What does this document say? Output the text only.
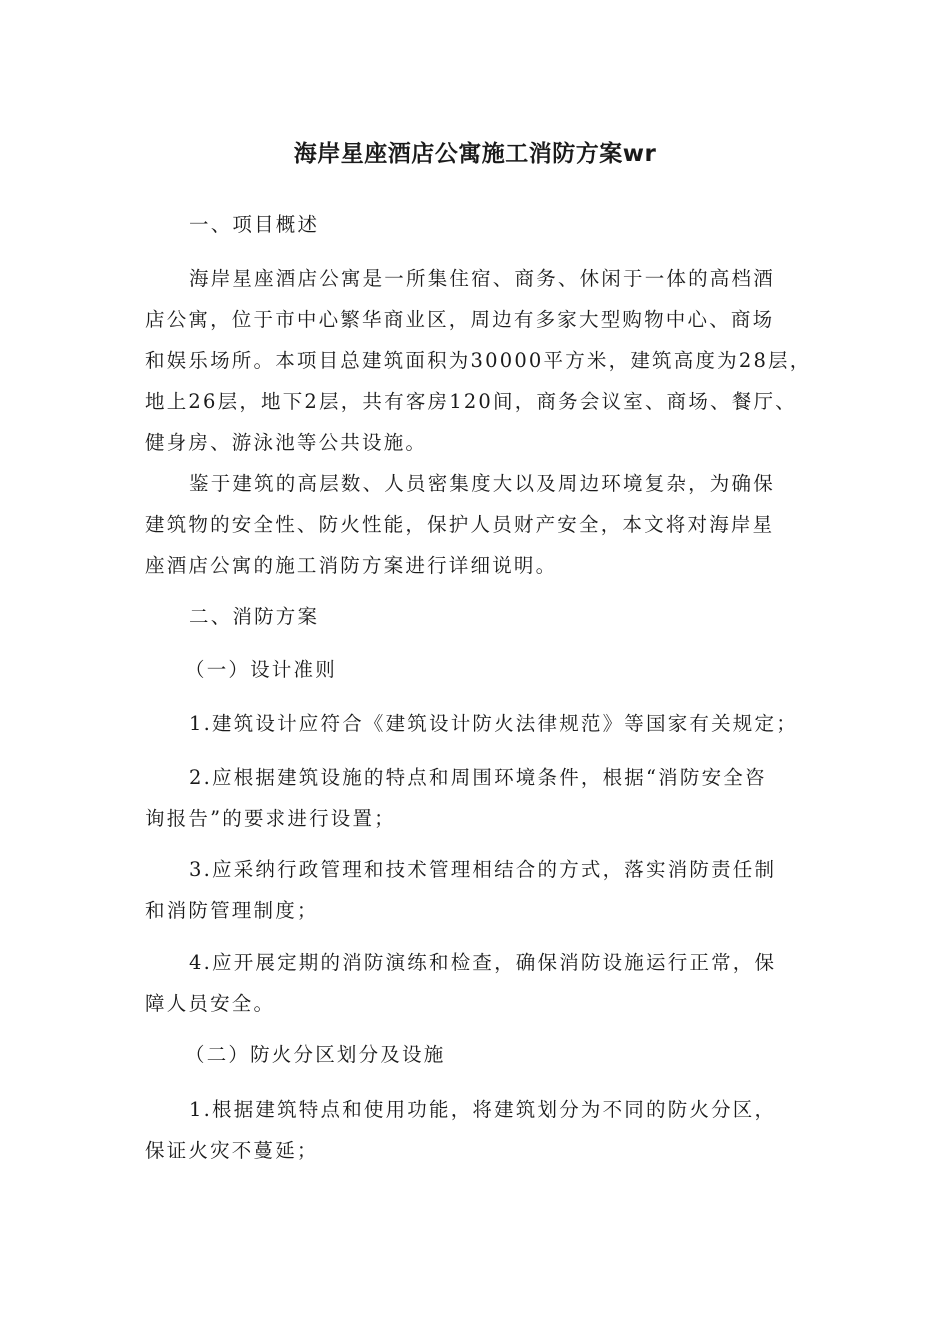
海岸星座酒店公寓施工消防方案wr
一、项目概述
海岸星座酒店公寓是一所集住宿、商务、休闲于一体的高档酒
店公寓，位于市中心繁华商业区，周边有多家大型购物中心、商场
和娱乐场所。本项目总建筑面积为30000平方米，建筑高度为28层，
地上26层，地下2层，共有客房120间，商务会议室、商场、餐厅、
健身房、游泳池等公共设施。
鉴于建筑的高层数、人员密集度大以及周边环境复杂，为确保
建筑物的安全性、防火性能，保护人员财产安全，本文将对海岸星
座酒店公寓的施工消防方案进行详细说明。
二、消防方案
（一）设计准则
1.建筑设计应符合《建筑设计防火法律规范》等国家有关规定；
2.应根据建筑设施的特点和周围环境条件，根据“消防安全咨
询报告”的要求进行设置；
3.应采纳行政管理和技术管理相结合的方式，落实消防责任制
和消防管理制度；
4.应开展定期的消防演练和检查，确保消防设施运行正常，保
障人员安全。
（二）防火分区划分及设施
1.根据建筑特点和使用功能，将建筑划分为不同的防火分区，
保证火灾不蔓延；
